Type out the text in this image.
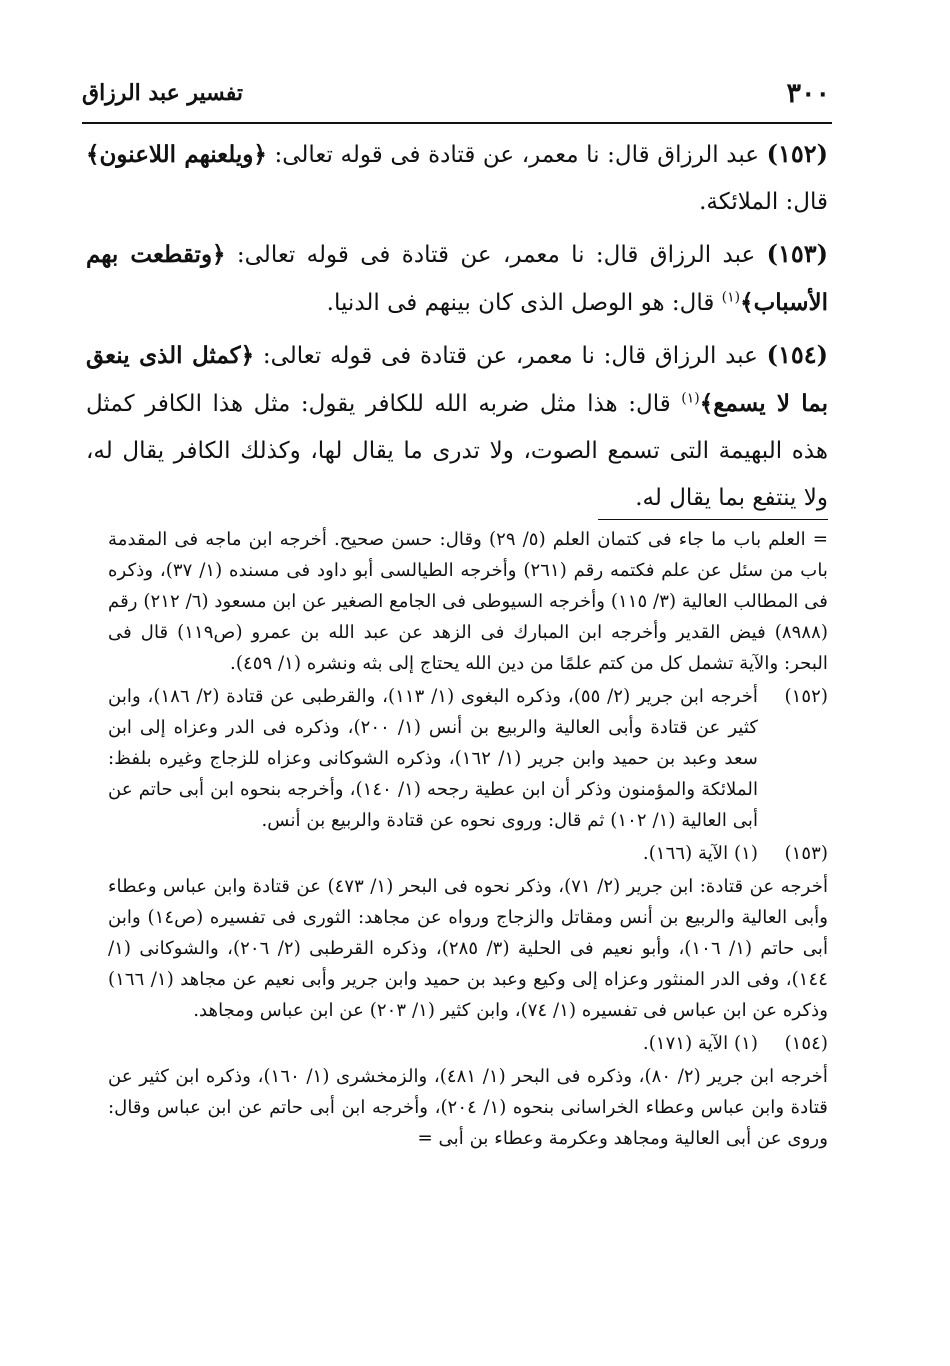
٣٠٠
تفسير عبد الرزاق

(١٥٢) عبد الرزاق قال: نا معمر، عن قتادة فى قوله تعالى: ﴿ويلعنهم اللاعنون﴾ قال: الملائكة.

(١٥٣) عبد الرزاق قال: نا معمر، عن قتادة فى قوله تعالى: ﴿وتقطعت بهم الأسباب﴾$^{(١)}$ قال: هو الوصل الذى كان بينهم فى الدنيا.

(١٥٤) عبد الرزاق قال: نا معمر، عن قتادة فى قوله تعالى: ﴿كمثل الذى ينعق بما لا يسمع﴾$^{(١)}$ قال: هذا مثل ضربه الله للكافر يقول: مثل هذا الكافر كمثل هذه البهيمة التى تسمع الصوت، ولا تدرى ما يقال لها، وكذلك الكافر يقال له، ولا ينتفع بما يقال له.

= العلم باب ما جاء فى كتمان العلم (٥/ ٢٩) وقال: حسن صحيح. أخرجه ابن ماجه فى المقدمة باب من سئل عن علم فكتمه رقم (٢٦١) وأخرجه الطيالسى أبو داود فى مسنده (١/ ٣٧)، وذكره فى المطالب العالية (٣/ ١١٥) وأخرجه السيوطى فى الجامع الصغير عن ابن مسعود (٦/ ٢١٢) رقم (٨٩٨٨) فيض القدير وأخرجه ابن المبارك فى الزهد عن عبد الله بن عمرو (ص١١٩) قال فى البحر: والآية تشمل كل من كتم علمًا من دين الله يحتاج إلى بثه ونشره (١/ ٤٥٩).

(١٥٢)
أخرجه ابن جرير (٢/ ٥٥)، وذكره البغوى (١/ ١١٣)، والقرطبى عن قتادة (٢/ ١٨٦)، وابن كثير عن قتادة وأبى العالية والربيع بن أنس (١/ ٢٠٠)، وذكره فى الدر وعزاه إلى ابن سعد وعبد بن حميد وابن جرير (١/ ١٦٢)، وذكره الشوكانى وعزاه للزجاج وغيره بلفظ: الملائكة والمؤمنون وذكر أن ابن عطية رجحه (١/ ١٤٠)، وأخرجه بنحوه ابن أبى حاتم عن أبى العالية (١/ ١٠٢) ثم قال: وروى نحوه عن قتادة والربيع بن أنس.
(١٥٣)
(١) الآية (١٦٦).

أخرجه عن قتادة: ابن جرير (٢/ ٧١)، وذكر نحوه فى البحر (١/ ٤٧٣) عن قتادة وابن عباس وعطاء وأبى العالية والربيع بن أنس ومقاتل والزجاج ورواه عن مجاهد: الثورى فى تفسيره (ص١٤) وابن أبى حاتم (١/ ١٠٦)، وأبو نعيم فى الحلية (٣/ ٢٨٥)، وذكره القرطبى (٢/ ٢٠٦)، والشوكانى (١/ ١٤٤)، وفى الدر المنثور وعزاه إلى وكيع وعبد بن حميد وابن جرير وأبى نعيم عن مجاهد (١/ ١٦٦) وذكره عن ابن عباس فى تفسيره (١/ ٧٤)، وابن كثير (١/ ٢٠٣) عن ابن عباس ومجاهد.

(١٥٤)
(١) الآية (١٧١).

أخرجه ابن جرير (٢/ ٨٠)، وذكره فى البحر (١/ ٤٨١)، والزمخشرى (١/ ١٦٠)، وذكره ابن كثير عن قتادة وابن عباس وعطاء الخراسانى بنحوه (١/ ٢٠٤)، وأخرجه ابن أبى حاتم عن ابن عباس وقال: وروى عن أبى العالية ومجاهد وعكرمة وعطاء بن أبى =
